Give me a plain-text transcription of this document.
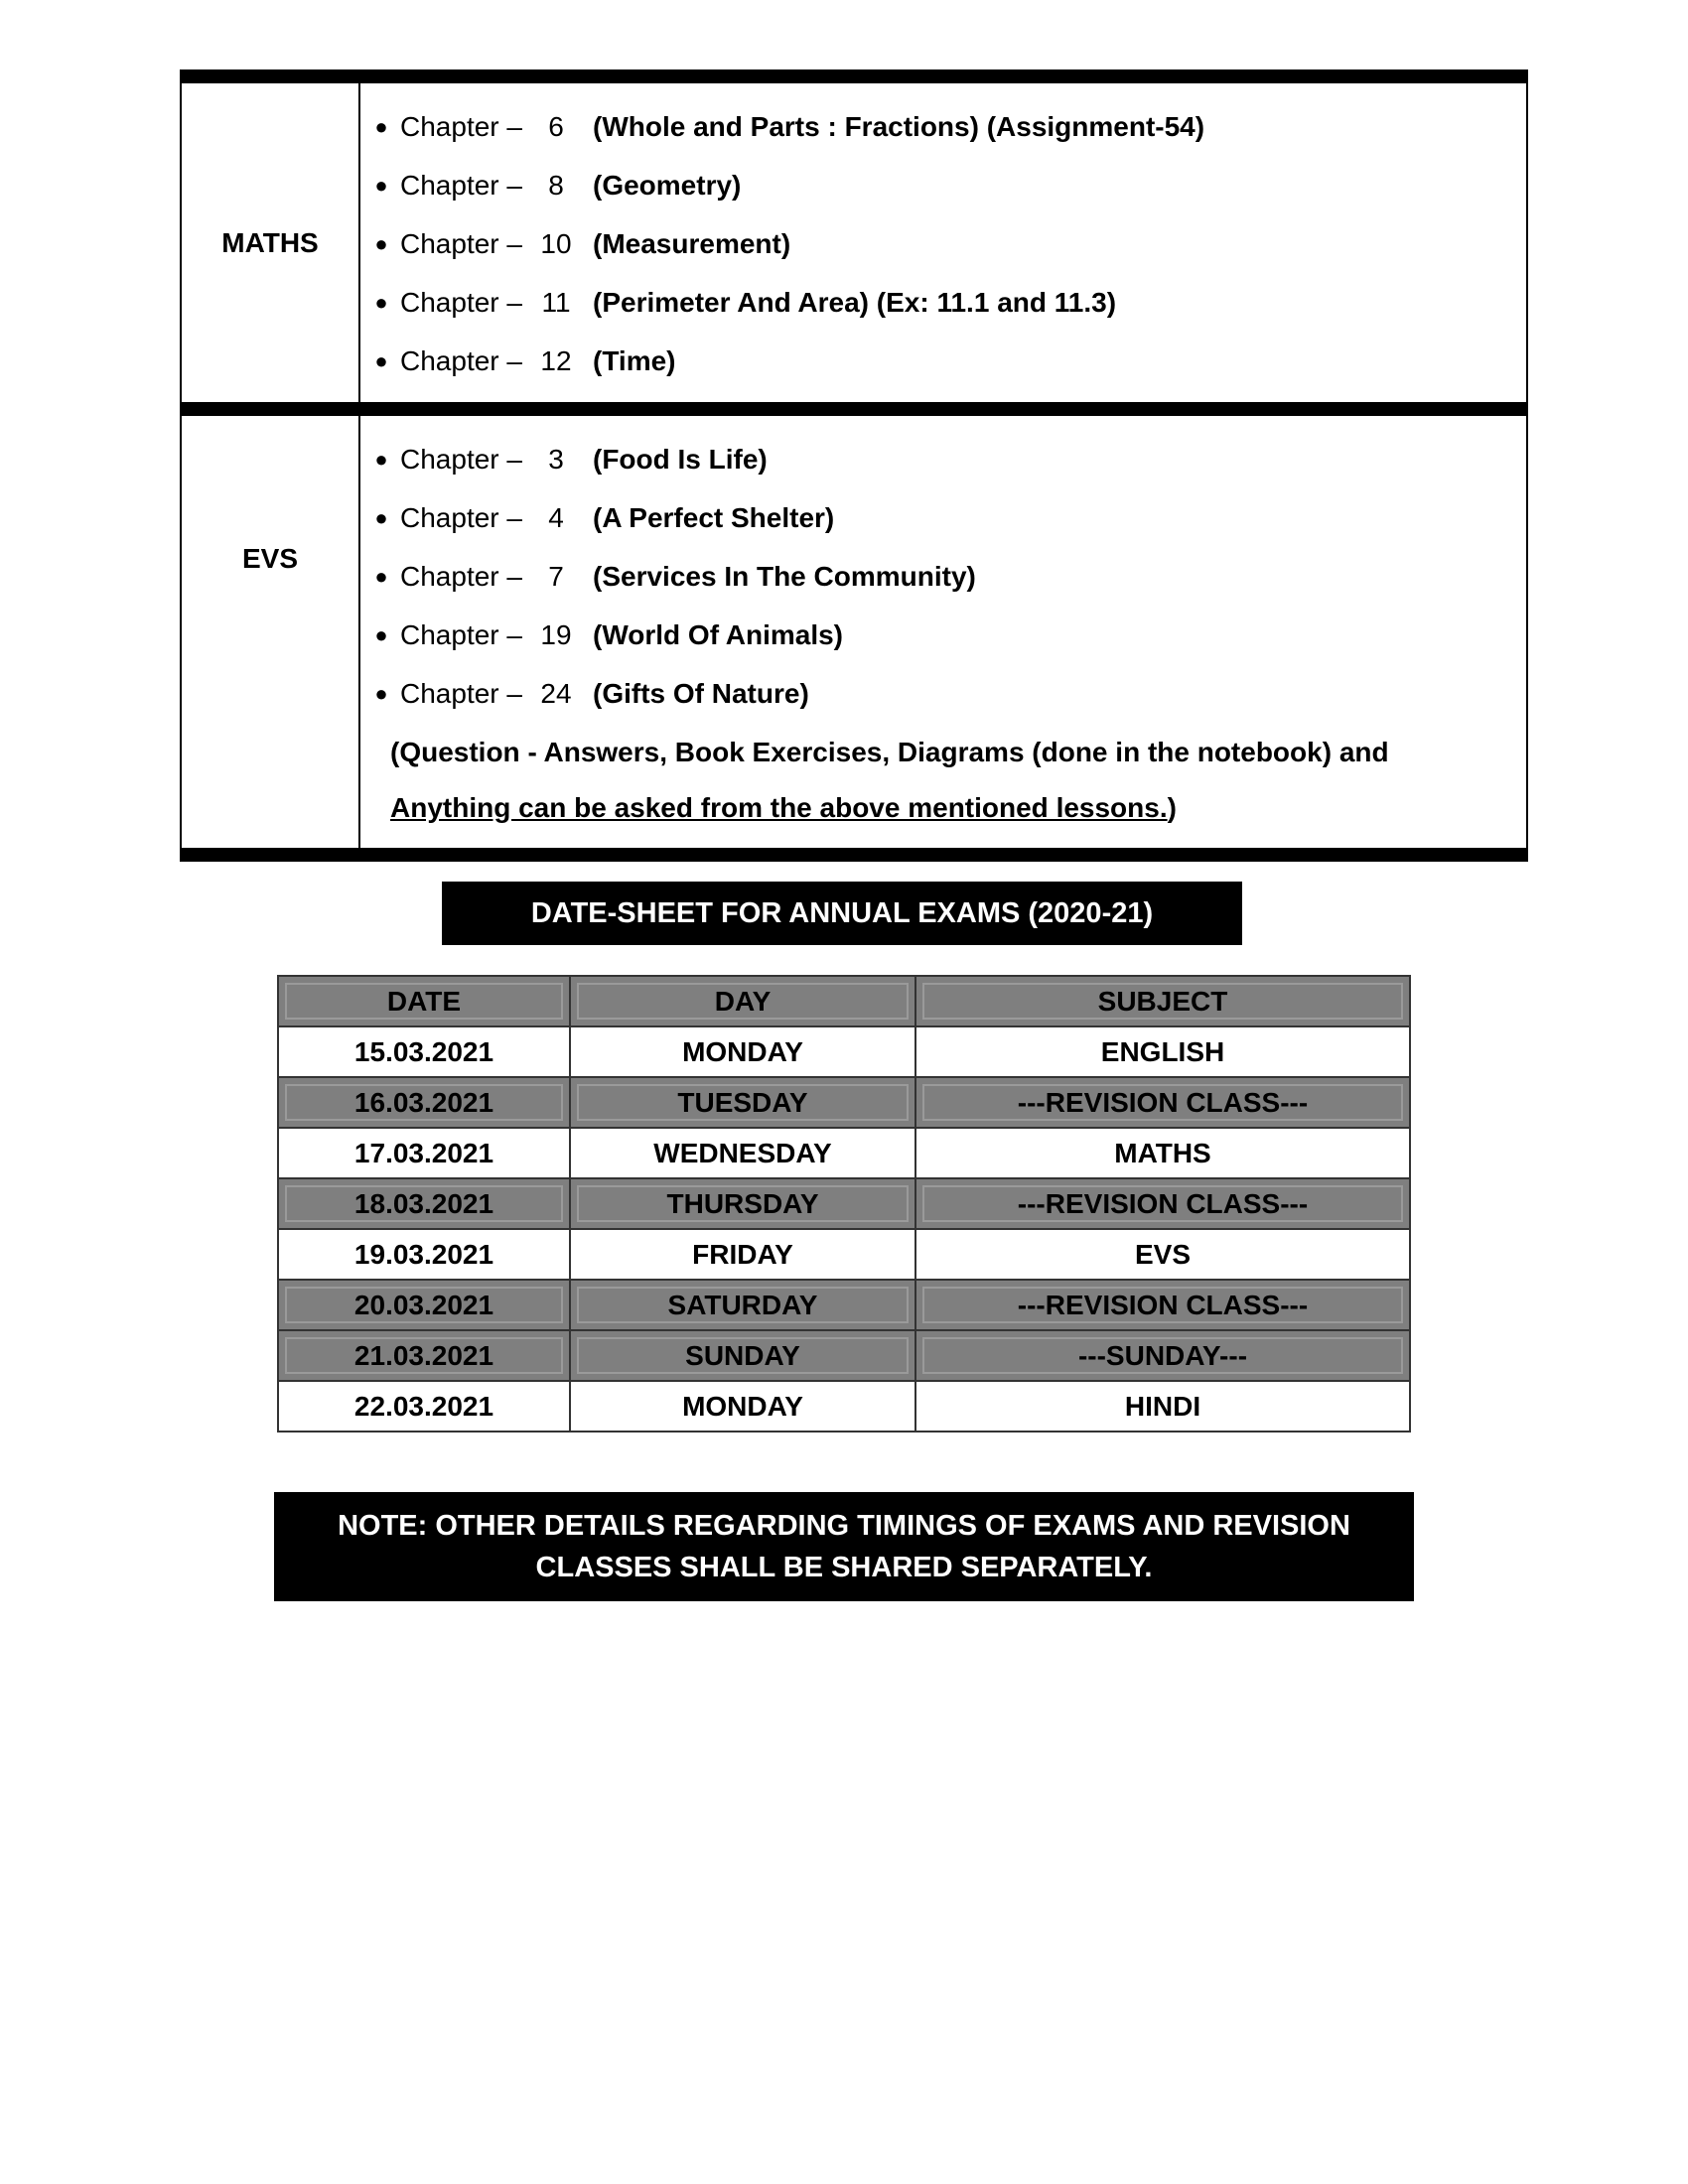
MATHS
● Chapter – 6	(Whole and Parts : Fractions) (Assignment-54)
● Chapter – 8	(Geometry)
● Chapter – 10 (Measurement)
● Chapter – 11 (Perimeter And Area) (Ex: 11.1 and 11.3)
● Chapter – 12 (Time)
EVS
● Chapter – 3	(Food Is Life)
● Chapter – 4	(A Perfect Shelter)
● Chapter – 7	(Services In The Community)
● Chapter – 19 (World Of Animals)
● Chapter – 24 (Gifts Of Nature)
(Question - Answers, Book Exercises, Diagrams (done in the notebook) and Anything can be asked from the above mentioned lessons.)
DATE-SHEET FOR ANNUAL EXAMS (2020-21)
DATE	DAY	SUBJECT
15.03.2021	MONDAY	ENGLISH
16.03.2021	TUESDAY	---REVISION CLASS---
17.03.2021	WEDNESDAY	MATHS
18.03.2021	THURSDAY	---REVISION CLASS---
19.03.2021	FRIDAY	EVS
20.03.2021	SATURDAY	---REVISION CLASS---
21.03.2021	SUNDAY	---SUNDAY---
22.03.2021	MONDAY	HINDI
NOTE: OTHER DETAILS REGARDING TIMINGS OF EXAMS AND REVISION
CLASSES SHALL BE SHARED SEPARATELY.
